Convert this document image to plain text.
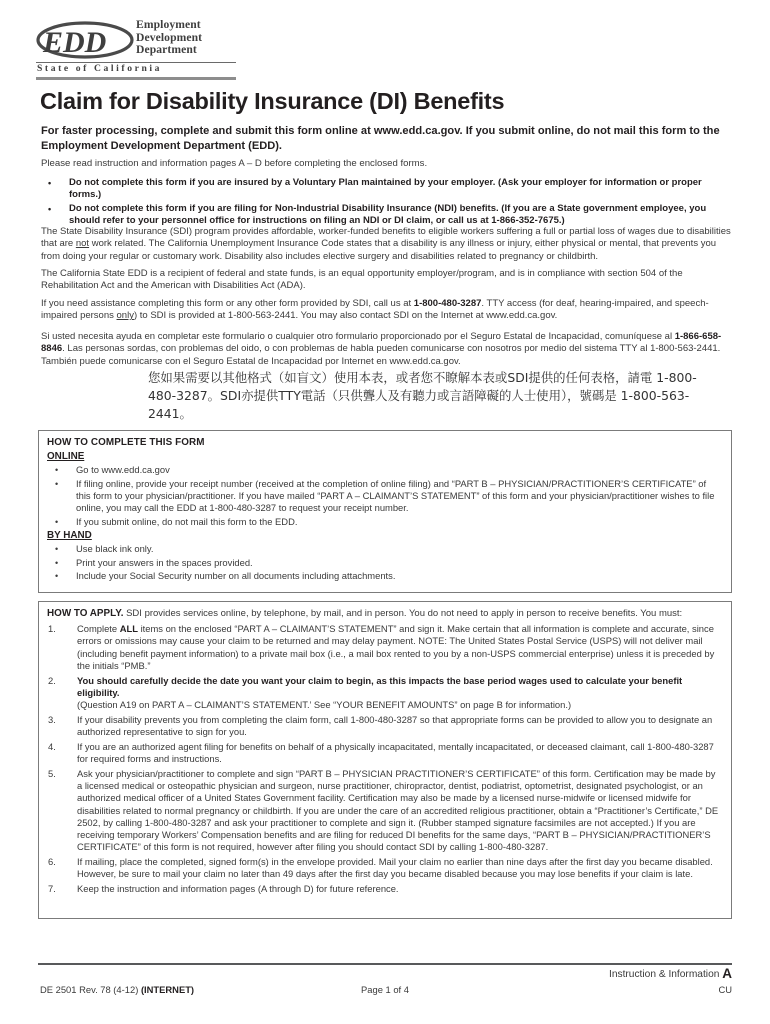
EDD
Employment
Development
Department
State of California
Claim for Disability Insurance (DI) Benefits
For faster processing, complete and submit this form online at www.edd.ca.gov. If you submit online, do not mail this form to the Employment Development Department (EDD).
Please read instruction and information pages A – D before completing the enclosed forms.
•	Do not complete this form if you are insured by a Voluntary Plan maintained by your employer. (Ask your employer for information or proper forms.)
•	Do not complete this form if you are filing for Non-Industrial Disability Insurance (NDI) benefits. (If you are a State government employee, you should refer to your personnel office for instructions on filing an NDI or DI claim, or call us at 1-866-352-7675.)
The State Disability Insurance (SDI) program provides affordable, worker-funded benefits to eligible workers suffering a full or partial loss of wages due to disabilities that are not work related. The California Unemployment Insurance Code states that a disability is any illness or injury, either physical or mental, that prevents you from doing your regular or customary work. Disability also includes elective surgery and disabilities related to pregnancy or childbirth.
The California State EDD is a recipient of federal and state funds, is an equal opportunity employer/program, and is in compliance with section 504 of the Rehabilitation Act and the American with Disabilities Act (ADA).
If you need assistance completing this form or any other form provided by SDI, call us at 1-800-480-3287. TTY access (for deaf, hearing-impaired, and speech-impaired persons only) to SDI is provided at 1-800-563-2441. You may also contact SDI on the Internet at www.edd.ca.gov.
Si usted necesita ayuda en completar este formulario o cualquier otro formulario proporcionado por el Seguro Estatal de Incapacidad, comuníquese al 1-866-658-8846. Las personas sordas, con problemas del oido, o con problemas de habla pueden comunicarse con nosotros por medio del sistema TTY al 1-800-563-2441. También puede comunicarse con el Seguro Estatal de Incapacidad por Internet en www.edd.ca.gov.
您如果需要以其他格式（如盲文）使用本表，或者您不瞭解本表或SDI提供的任何表格，請電 1-800-480-3287。SDI亦提供TTY電話（只供聾人及有聽力或言語障礙的人士使用），號碼是 1-800-563-2441。
HOW TO COMPLETE THIS FORM
ONLINE
•	Go to www.edd.ca.gov
•	If filing online, provide your receipt number (received at the completion of online filing) and “PART B – PHYSICIAN/PRACTITIONER’S CERTIFICATE” of this form to your physician/practitioner. If you have mailed “PART A – CLAIMANT’S STATEMENT” of this form and your physician/practitioner wishes to file online, you may call the EDD at 1-800-480-3287 to request your receipt number.
•	If you submit online, do not mail this form to the EDD.
BY HAND
•	Use black ink only.
•	Print your answers in the spaces provided.
•	Include your Social Security number on all documents including attachments.
HOW TO APPLY. SDI provides services online, by telephone, by mail, and in person. You do not need to apply in person to receive benefits. You must:
1.	Complete ALL items on the enclosed “PART A – CLAIMANT’S STATEMENT” and sign it. Make certain that all information is complete and accurate, since errors or omissions may cause your claim to be returned and may delay payment. NOTE: The United States Postal Service (USPS) will not deliver mail (including benefit payment information) to a private mail box (i.e., a mail box rented to you by a non-USPS commercial enterprise) unless it is preceded by the initials “PMB.”
2.	You should carefully decide the date you want your claim to begin, as this impacts the base period wages used to calculate your benefit eligibility.
(Question A19 on PART A – CLAIMANT’S STATEMENT.’ See “YOUR BENEFIT AMOUNTS” on page B for information.)
3.	If your disability prevents you from completing the claim form, call 1-800-480-3287 so that appropriate forms can be provided to allow you to designate an authorized representative to sign for you.
4.	If you are an authorized agent filing for benefits on behalf of a physically incapacitated, mentally incapacitated, or deceased claimant, call 1-800-480-3287 for required forms and instructions.
5.	Ask your physician/practitioner to complete and sign “PART B – PHYSICIAN PRACTITIONER’S CERTIFICATE” of this form. Certification may be made by a licensed medical or osteopathic physician and surgeon, nurse practitioner, chiropractor, dentist, podiatrist, optometrist, designated psychologist, or an authorized medical officer of a United States Government facility. Certification may also be made by a licensed nurse-midwife or licensed midwife for disabilities related to normal pregnancy or childbirth. If you are under the care of an accredited religious practitioner, obtain a “Practitioner’s Certificate,” DE 2502, by calling 1-800-480-3287 and ask your practitioner to complete and sign it. (Rubber stamped signature facsimiles are not accepted.) If you are receiving temporary Workers’ Compensation benefits and are filing for reduced DI benefits for the same days, “PART B – PHYSICIAN/PRACTITIONER’S CERTIFICATE” of this form is not required, however after filing you should contact SDI by calling 1-800-480-3287.
6.	If mailing, place the completed, signed form(s) in the envelope provided. Mail your claim no earlier than nine days after the first day you became disabled. However, be sure to mail your claim no later than 49 days after the first day you became disabled because you may lose benefits if your claim is late.
7.	Keep the instruction and information pages (A through D) for future reference.
Instruction & Information A
DE 2501 Rev. 78 (4-12) (INTERNET)	Page 1 of 4	CU
